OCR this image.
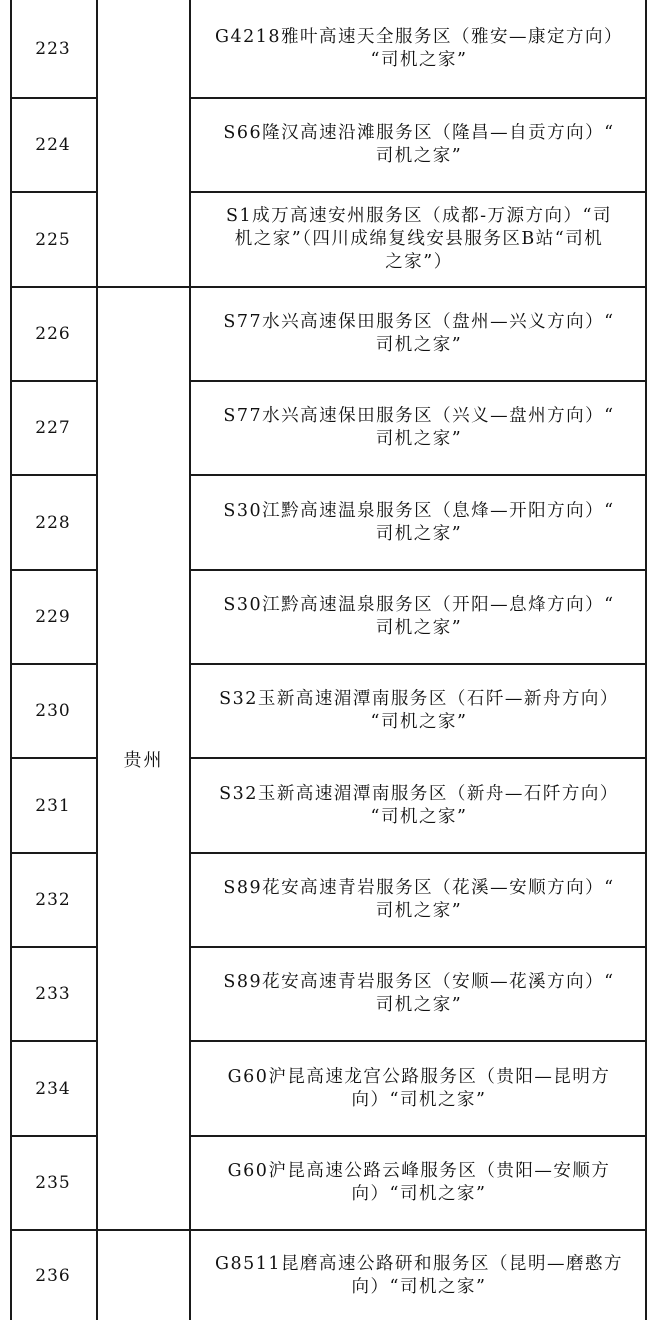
贵州
223
G4218雅叶高速天全服务区（雅安—康定方向）
“司机之家”
224
S66隆汉高速沿滩服务区（隆昌—自贡方向）“
司机之家”
225
S1成万高速安州服务区（成都-万源方向）“司
机之家”（四川成绵复线安县服务区B站“司机
之家”）
226
S77水兴高速保田服务区（盘州—兴义方向）“
司机之家”
227
S77水兴高速保田服务区（兴义—盘州方向）“
司机之家”
228
S30江黔高速温泉服务区（息烽—开阳方向）“
司机之家”
229
S30江黔高速温泉服务区（开阳—息烽方向）“
司机之家”
230
S32玉新高速湄潭南服务区（石阡—新舟方向）
“司机之家”
231
S32玉新高速湄潭南服务区（新舟—石阡方向）
“司机之家”
232
S89花安高速青岩服务区（花溪—安顺方向）“
司机之家”
233
S89花安高速青岩服务区（安顺—花溪方向）“
司机之家”
234
G60沪昆高速龙宫公路服务区（贵阳—昆明方
向）“司机之家”
235
G60沪昆高速公路云峰服务区（贵阳—安顺方
向）“司机之家”
236
G8511昆磨高速公路研和服务区（昆明—磨憨方
向）“司机之家”
